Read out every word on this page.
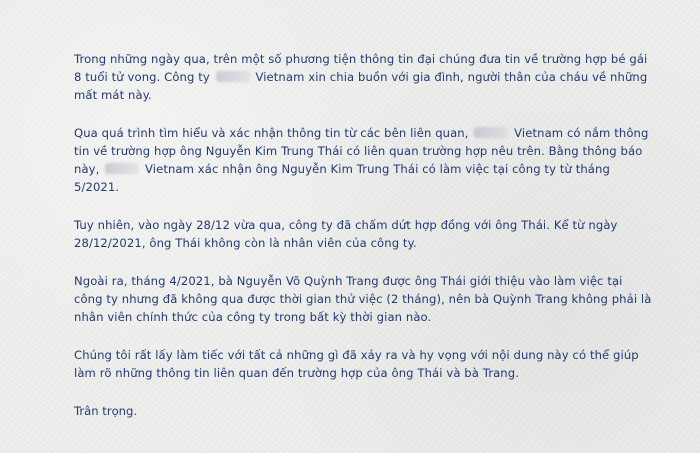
Trong những ngày qua, trên một số phương tiện thông tin đại chúng đưa tin về trường hợp bé gái 8 tuổi tử vong. Công ty	Vietnam xin chia buồn với gia đình, người thân của cháu về những mất mát này.

Qua quá trình tìm hiểu và xác nhận thông tin từ các bên liên quan,	Vietnam có nắm thông tin về trường hợp ông Nguyễn Kim Trung Thái có liên quan trường hợp nêu trên. Bằng thông báo này,	Vietnam xác nhận ông Nguyễn Kim Trung Thái có làm việc tại công ty từ tháng 5/2021.

Tuy nhiên, vào ngày 28/12 vừa qua, công ty đã chấm dứt hợp đồng với ông Thái. Kể từ ngày 28/12/2021, ông Thái không còn là nhân viên của công ty.

Ngoài ra, tháng 4/2021, bà Nguyễn Võ Quỳnh Trang được ông Thái giới thiệu vào làm việc tại công ty nhưng đã không qua được thời gian thử việc (2 tháng), nên bà Quỳnh Trang không phải là nhân viên chính thức của công ty trong bất kỳ thời gian nào.

Chúng tôi rất lấy làm tiếc với tất cả những gì đã xảy ra và hy vọng với nội dung này có thể giúp làm rõ những thông tin liên quan đến trường hợp của ông Thái và bà Trang.

Trân trọng.
